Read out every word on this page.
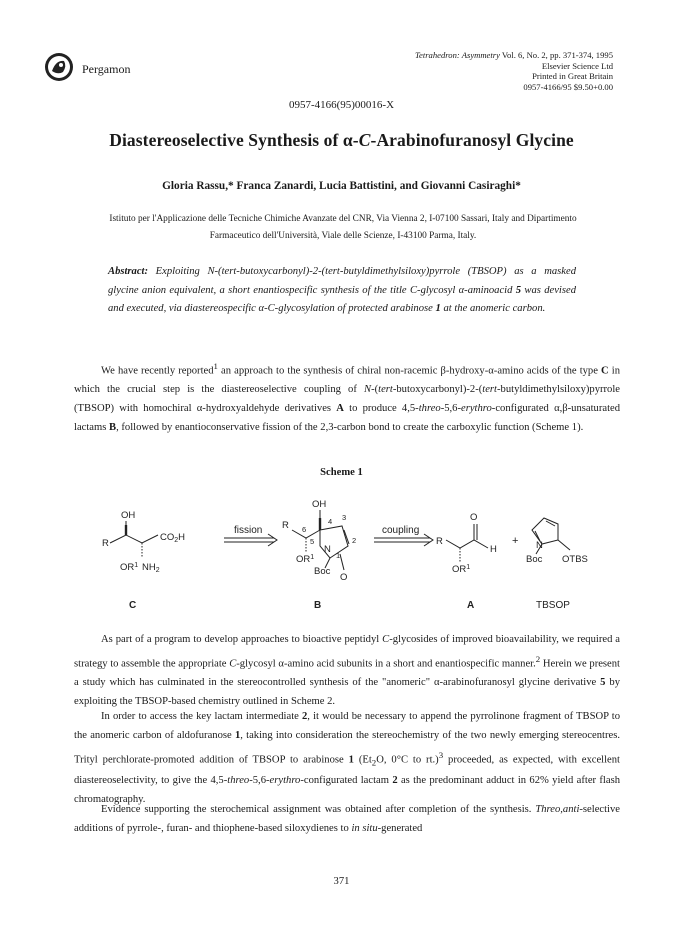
Pergamon
Tetrahedron: Asymmetry Vol. 6, No. 2, pp. 371-374, 1995
Elsevier Science Ltd
Printed in Great Britain
0957-4166/95 $9.50+0.00
0957-4166(95)00016-X
Diastereoselective Synthesis of α-C-Arabinofuranosyl Glycine
Gloria Rassu,* Franca Zanardi, Lucia Battistini, and Giovanni Casiraghi*
Istituto per l'Applicazione delle Tecniche Chimiche Avanzate del CNR, Via Vienna 2, I-07100 Sassari, Italy and Dipartimento
Farmaceutico dell'Università, Viale delle Scienze, I-43100 Parma, Italy.
Abstract: Exploiting N-(tert-butoxycarbonyl)-2-(tert-butyldimethylsiloxy)pyrrole (TBSOP) as a masked glycine anion equivalent, a short enantiospecific synthesis of the title C-glycosyl α-aminoacid 5 was devised and executed, via diastereospecific α-C-glycosylation of protected arabinose 1 at the anomeric carbon.

We have recently reported$^1$ an approach to the synthesis of chiral non-racemic β-hydroxy-α-amino acids of the type C in which the crucial step is the diastereoselective coupling of N-(tert-butoxycarbonyl)-2-(tert-butyldimethylsiloxy)pyrrole (TBSOP) with homochiral α-hydroxyaldehyde derivatives A to produce 4,5-threo-5,6-erythro-configurated α,β-unsaturated lactams B, followed by enantioconservative fission of the 2,3-carbon bond to create the carboxylic function (Scheme 1).

Scheme 1
OH
R
$CO_2H$
$OR^1$ $NH_2$
OH
R 6
5
4 3
2
1
N
$OR^1$
Boc
O
O
R
H
$OR^1$
+ N
Boc OTBS
fission	coupling
C	B	A	TBSOP

As part of a program to develop approaches to bioactive peptidyl C-glycosides of improved bioavailability, we required a strategy to assemble the appropriate C-glycosyl α-amino acid subunits in a short and enantiospecific manner.$^2$ Herein we present a study which has culminated in the stereocontrolled synthesis of the "anomeric" α-arabinofuranosyl glycine derivative 5 by exploiting the TBSOP-based chemistry outlined in Scheme 2.

In order to access the key lactam intermediate 2, it would be necessary to append the pyrrolinone fragment of TBSOP to the anomeric carbon of aldofuranose 1, taking into consideration the stereochemistry of the two newly emerging stereocentres. Trityl perchlorate-promoted addition of TBSOP to arabinose 1 ($Et_2O$, 0°C to rt.)$^3$ proceeded, as expected, with excellent diastereoselectivity, to give the 4,5-threo-5,6-erythro-configurated lactam 2 as the predominant adduct in 62% yield after flash chromatography.

Evidence supporting the sterochemical assignment was obtained after completion of the synthesis. Threo,anti-selective additions of pyrrole-, furan- and thiophene-based siloxydienes to in situ-generated

371
